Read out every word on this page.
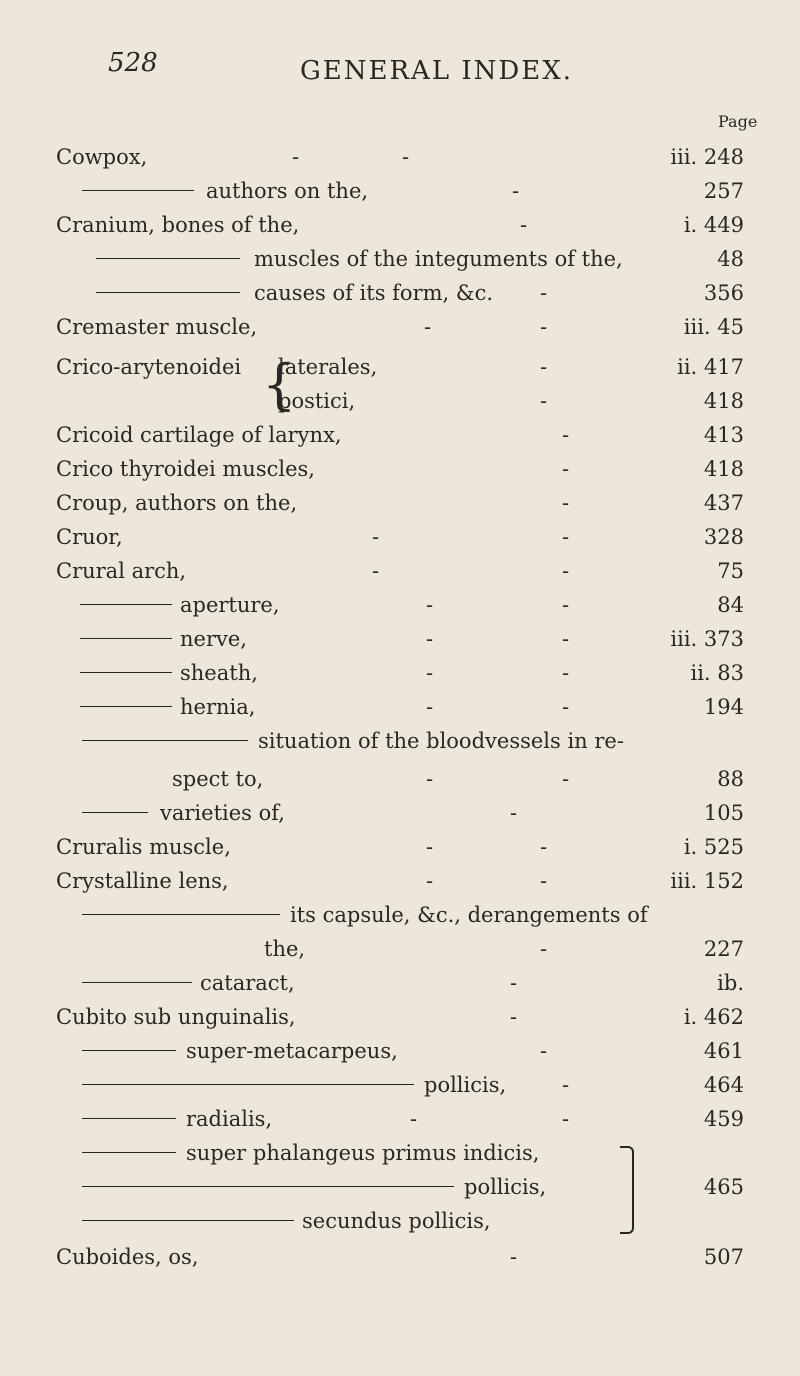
528	GENERAL INDEX.
Page
Cowpox,	-	-	iii. 248
authors on the,	-	257
Cranium, bones of the,	-	i. 449
muscles of the integuments of the,	48
causes of its form, &c. -	356
Cremaster muscle,	-	-	iii. 45
Crico-arytenoidei laterales,	-	ii. 417
postici,	-	418
{
Cricoid cartilage of larynx,	-	413
Crico thyroidei muscles,	-	418
Croup, authors on the,	-	437
Cruor,	-	-	328
Crural arch,	-	-	75
aperture,	-	-	84
nerve,	-	-	iii. 373
sheath,	-	-	ii. 83
hernia,	-	-	194
situation of the bloodvessels in re-
spect to,	-	-	88
varieties of,	-	105
Cruralis muscle,	-	-	i. 525
Crystalline lens,	-	-	iii. 152
its capsule, &c., derangements of
the,	-	227
cataract,	-	ib.
Cubito sub unguinalis,	-	i. 462
super-metacarpeus,	-	461
pollicis,	-	464
radialis,	-	-	459
super phalangeus primus indicis,
pollicis,	465
secundus pollicis,
Cuboides, os,	-	507
